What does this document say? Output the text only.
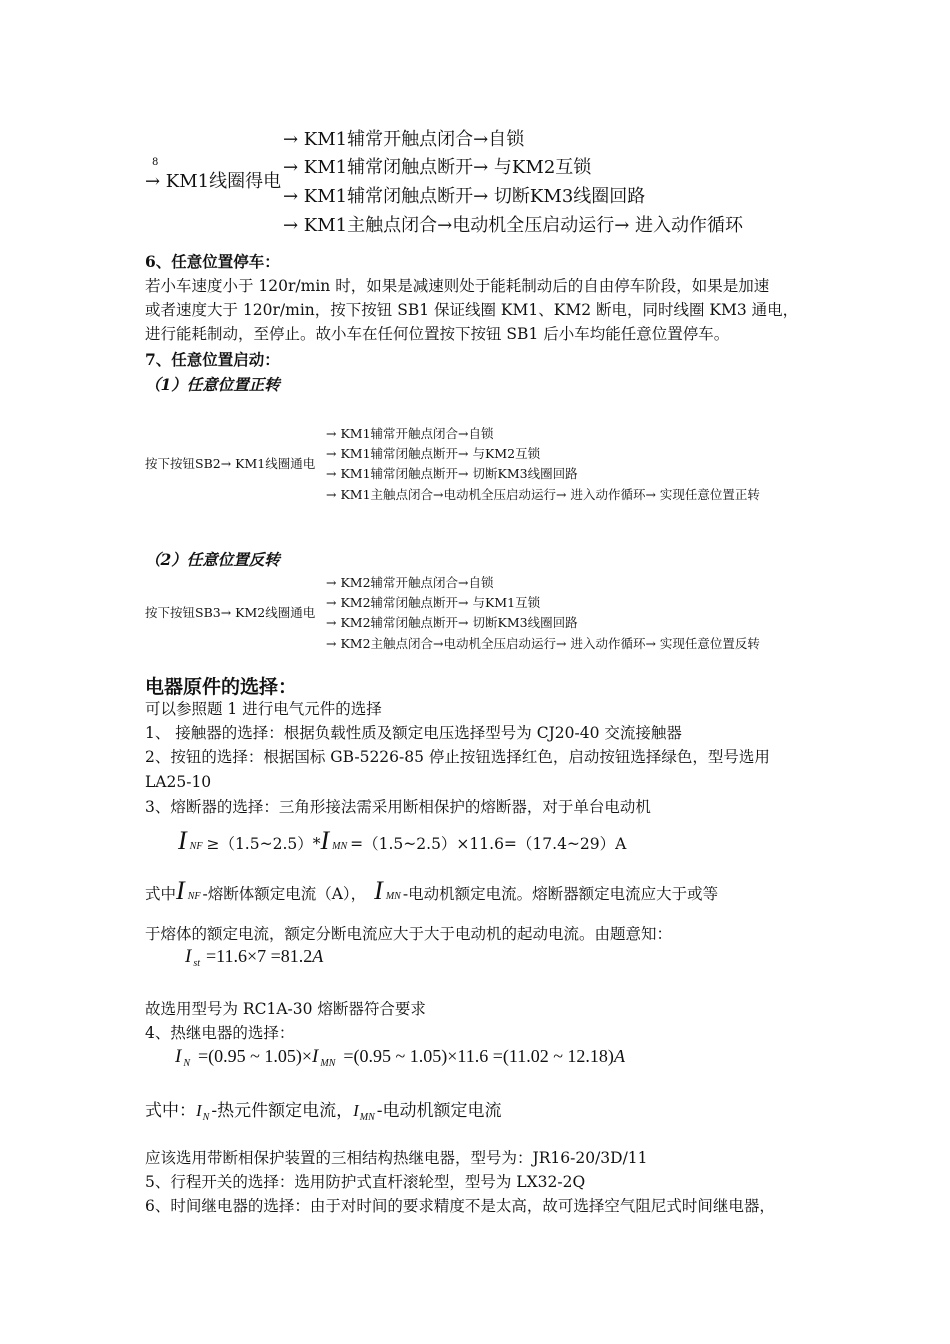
8
→ KM1线圈得电
→ KM1辅常开触点闭合→自锁
→ KM1辅常闭触点断开→ 与KM2互锁
→ KM1辅常闭触点断开→ 切断KM3线圈回路
→ KM1主触点闭合→电动机全压启动运行→ 进入动作循环
6、任意位置停车：
若小车速度小于 120r/min 时，如果是减速则处于能耗制动后的自由停车阶段，如果是加速
或者速度大于 120r/min，按下按钮 SB1 保证线圈 KM1、KM2 断电，同时线圈 KM3 通电，
进行能耗制动，至停止。故小车在任何位置按下按钮 SB1 后小车均能任意位置停车。
7、任意位置启动：
（1）任意位置正转
按下按钮SB2→ KM1线圈通电
→ KM1辅常开触点闭合→自锁
→ KM1辅常闭触点断开→ 与KM2互锁
→ KM1辅常闭触点断开→ 切断KM3线圈回路
→ KM1主触点闭合→电动机全压启动运行→ 进入动作循环→ 实现任意位置正转
（2）任意位置反转
按下按钮SB3→ KM2线圈通电
→ KM2辅常开触点闭合→自锁
→ KM2辅常闭触点断开→ 与KM1互锁
→ KM2辅常闭触点断开→ 切断KM3线圈回路
→ KM2主触点闭合→电动机全压启动运行→ 进入动作循环→ 实现任意位置反转
电器原件的选择：
可以参照题 1 进行电气元件的选择
1、 接触器的选择：根据负载性质及额定电压选择型号为 CJ20-40 交流接触器
2、按钮的选择：根据国标 GB-5226-85 停止按钮选择红色，启动按钮选择绿色，型号选用
LA25-10
3、熔断器的选择：三角形接法需采用断相保护的熔断器，对于单台电动机
INF ≥（1.5~2.5）*I MN =（1.5~2.5）×11.6=（17.4~29）A
式中I NF -熔断体额定电流（A）， I MN -电动机额定电流。熔断器额定电流应大于或等
于熔体的额定电流，额定分断电流应大于大于电动机的起动电流。由题意知：
I $_{st}$ =11.6×7 =81.2A
故选用型号为 RC1A-30 熔断器符合要求
4、热继电器的选择：
I $_N$ =(0.95 ~ 1.05)×I $_{MN}$ =(0.95 ~ 1.05)×11.6 =(11.02 ~ 12.18)A
式中：$I_N$ -热元件额定电流，$I_{MN}$ -电动机额定电流
应该选用带断相保护装置的三相结构热继电器，型号为：JR16-20/3D/11
5、行程开关的选择：选用防护式直杆滚轮型，型号为 LX32-2Q
6、时间继电器的选择：由于对时间的要求精度不是太高，故可选择空气阻尼式时间继电器，
